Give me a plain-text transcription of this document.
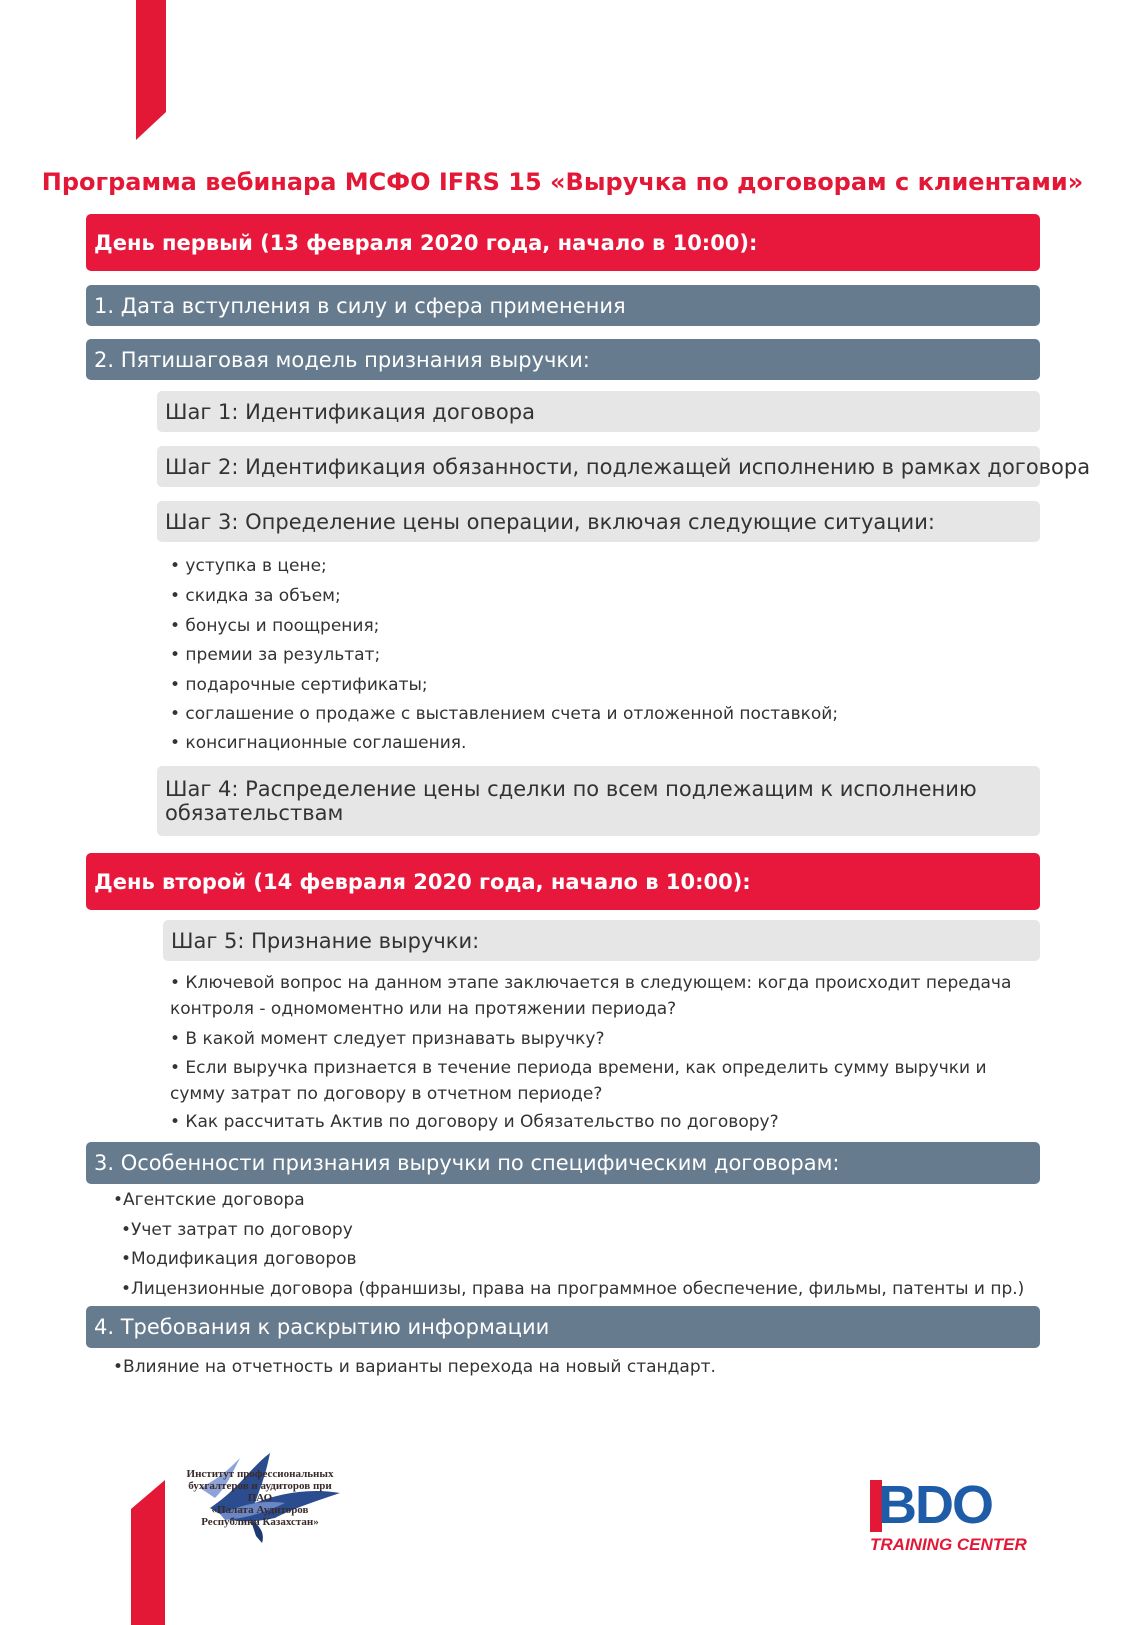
Программа вебинара МСФО IFRS 15 «Выручка по договорам с клиентами»
День первый (13 февраля 2020 года, начало в 10:00):
1. Дата вступления в силу и сфера применения
2. Пятишаговая модель признания выручки:
Шаг 1: Идентификация договора
Шаг 2: Идентификация обязанности, подлежащей исполнению в рамках договора
Шаг 3: Определение цены операции, включая следующие ситуации:
• уступка в цене;
• скидка за объем;
• бонусы и поощрения;
• премии за результат;
• подарочные сертификаты;
• соглашение о продаже с выставлением счета и отложенной поставкой;
• консигнационные соглашения.
Шаг 4: Распределение цены сделки по всем подлежащим к исполнению обязательствам
День второй (14 февраля 2020 года, начало в 10:00):
Шаг 5: Признание выручки:
• Ключевой вопрос на данном этапе заключается в следующем: когда происходит передача контроля - одномоментно или на протяжении периода?
• В какой момент следует признавать выручку?
• Если выручка признается в течение периода времени, как определить сумму выручки и сумму затрат по договору в отчетном периоде?
• Как рассчитать Актив по договору и Обязательство по договору?
3. Особенности признания выручки по специфическим договорам:
•Агентские договора
•Учет затрат по договору
•Модификация договоров
•Лицензионные договора (франшизы, права на программное обеспечение, фильмы, патенты и пр.)
4. Требования к раскрытию информации
•Влияние на отчетность и варианты перехода на новый стандарт.
Институт профессиональных
бухгалтеров и аудиторов при
ПАО
«Палата Аудиторов
Республики Казахстан»	BDO
TRAINING CENTER
